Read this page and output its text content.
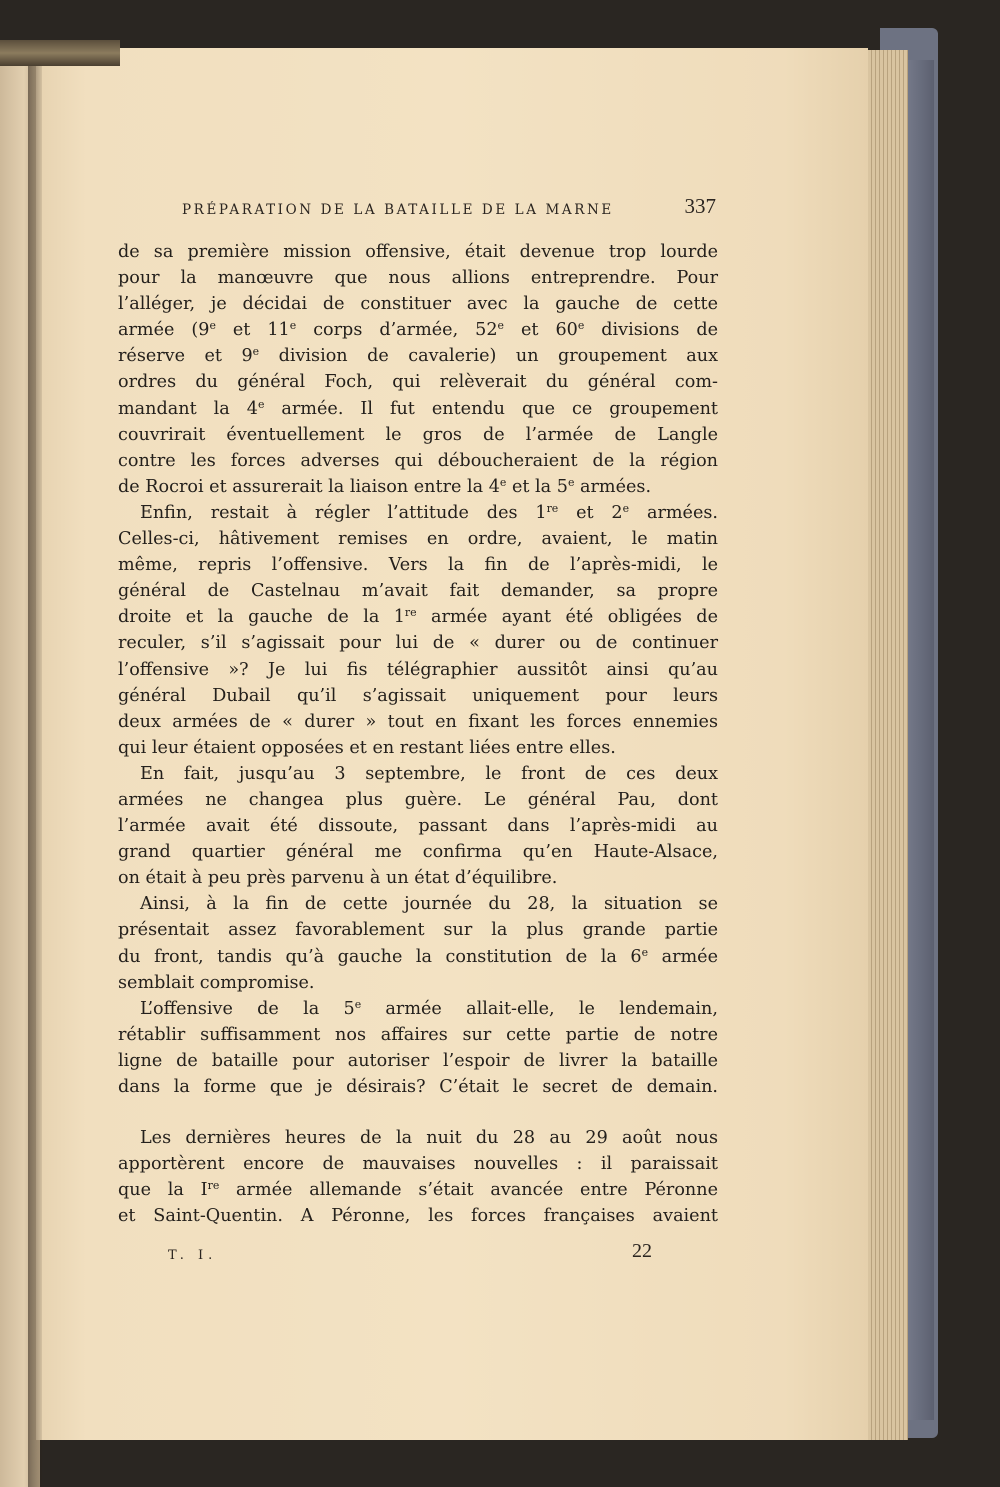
PRÉPARATION DE LA BATAILLE DE LA MARNE	337
de sa première mission offensive, était devenue trop lourde
pour la manœuvre que nous allions entreprendre. Pour
l’alléger, je décidai de constituer avec la gauche de cette
armée (9e et 11e corps d’armée, 52e et 60e divisions de
réserve et 9e division de cavalerie) un groupement aux
ordres du général Foch, qui relèverait du général com-
mandant la 4e armée. Il fut entendu que ce groupement
couvrirait éventuellement le gros de l’armée de Langle
contre les forces adverses qui déboucheraient de la région
de Rocroi et assurerait la liaison entre la 4e et la 5e armées.
Enfin, restait à régler l’attitude des 1re et 2e armées.
Celles-ci, hâtivement remises en ordre, avaient, le matin
même, repris l’offensive. Vers la fin de l’après-midi, le
général de Castelnau m’avait fait demander, sa propre
droite et la gauche de la 1re armée ayant été obligées de
reculer, s’il s’agissait pour lui de « durer ou de continuer
l’offensive »? Je lui fis télégraphier aussitôt ainsi qu’au
général Dubail qu’il s’agissait uniquement pour leurs
deux armées de « durer » tout en fixant les forces ennemies
qui leur étaient opposées et en restant liées entre elles.
En fait, jusqu’au 3 septembre, le front de ces deux
armées ne changea plus guère. Le général Pau, dont
l’armée avait été dissoute, passant dans l’après-midi au
grand quartier général me confirma qu’en Haute-Alsace,
on était à peu près parvenu à un état d’équilibre.
Ainsi, à la fin de cette journée du 28, la situation se
présentait assez favorablement sur la plus grande partie
du front, tandis qu’à gauche la constitution de la 6e armée
semblait compromise.
L’offensive de la 5e armée allait-elle, le lendemain,
rétablir suffisamment nos affaires sur cette partie de notre
ligne de bataille pour autoriser l’espoir de livrer la bataille
dans la forme que je désirais? C’était le secret de demain.
Les dernières heures de la nuit du 28 au 29 août nous
apportèrent encore de mauvaises nouvelles : il paraissait
que la Ire armée allemande s’était avancée entre Péronne
et Saint-Quentin. A Péronne, les forces françaises avaient
T. I.	22
